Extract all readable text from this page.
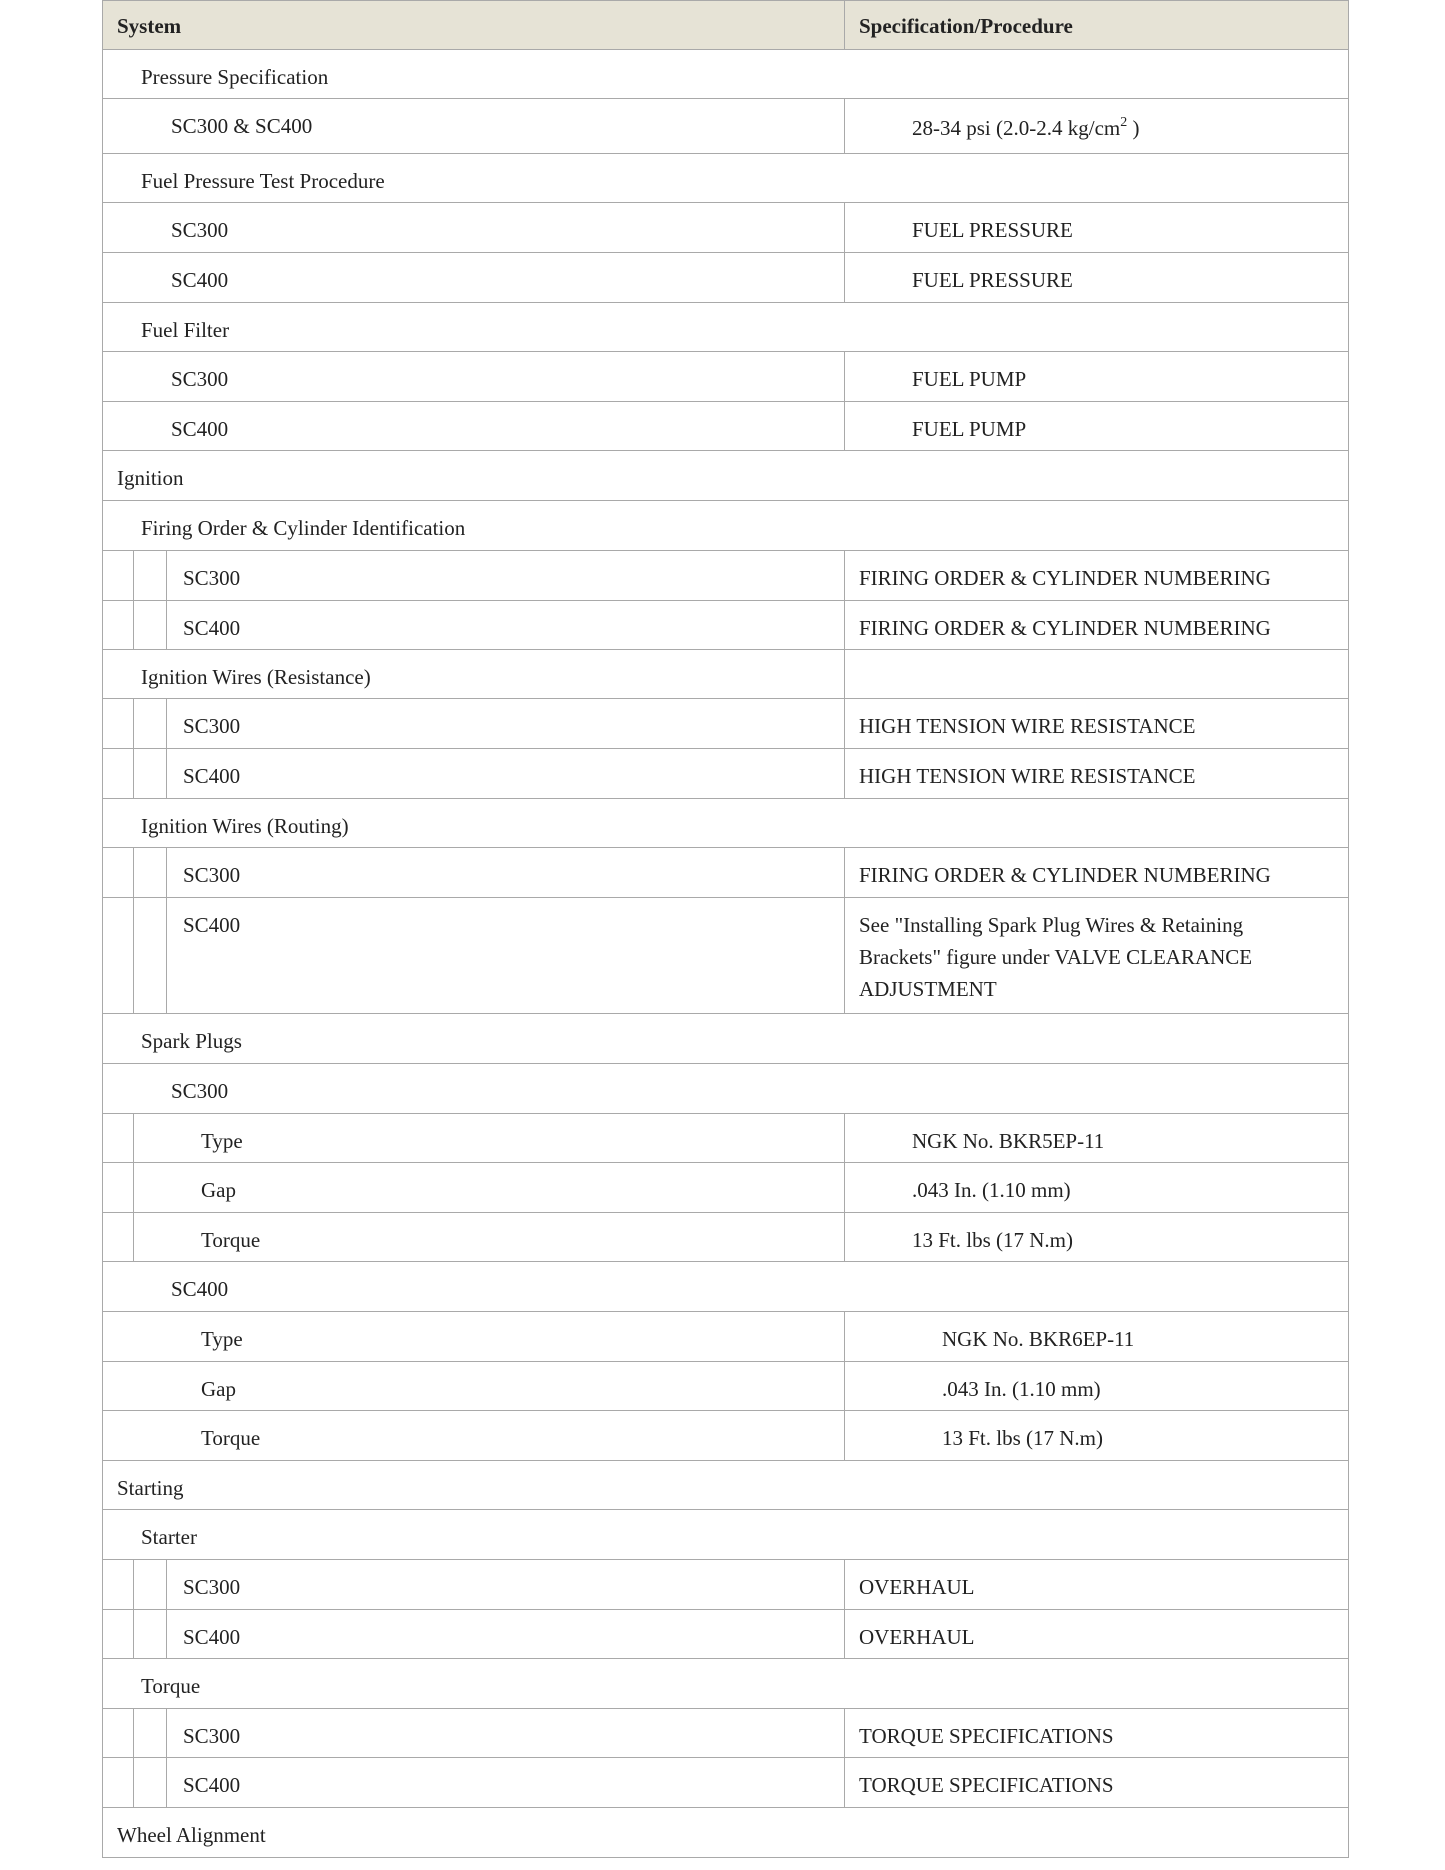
System	Specification/Procedure
Pressure Specification
SC300 & SC400	28-34 psi (2.0-2.4 $kg/cm^2$ )
Fuel Pressure Test Procedure
SC300	FUEL PRESSURE
SC400	FUEL PRESSURE
Fuel Filter
SC300	FUEL PUMP
SC400	FUEL PUMP
Ignition
Firing Order & Cylinder Identification
SC300	FIRING ORDER & CYLINDER NUMBERING
SC400	FIRING ORDER & CYLINDER NUMBERING
Ignition Wires (Resistance)
SC300	HIGH TENSION WIRE RESISTANCE
SC400	HIGH TENSION WIRE RESISTANCE
Ignition Wires (Routing)
SC300	FIRING ORDER & CYLINDER NUMBERING
SC400	See "Installing Spark Plug Wires & Retaining Brackets" figure under VALVE CLEARANCE ADJUSTMENT
Spark Plugs
SC300
Type	NGK No. BKR5EP-11
Gap	.043 In. (1.10 mm)
Torque	13 Ft. lbs (17 N.m)
SC400
Type	NGK No. BKR6EP-11
Gap	.043 In. (1.10 mm)
Torque	13 Ft. lbs (17 N.m)
Starting
Starter
SC300	OVERHAUL
SC400	OVERHAUL
Torque
SC300	TORQUE SPECIFICATIONS
SC400	TORQUE SPECIFICATIONS
Wheel Alignment
